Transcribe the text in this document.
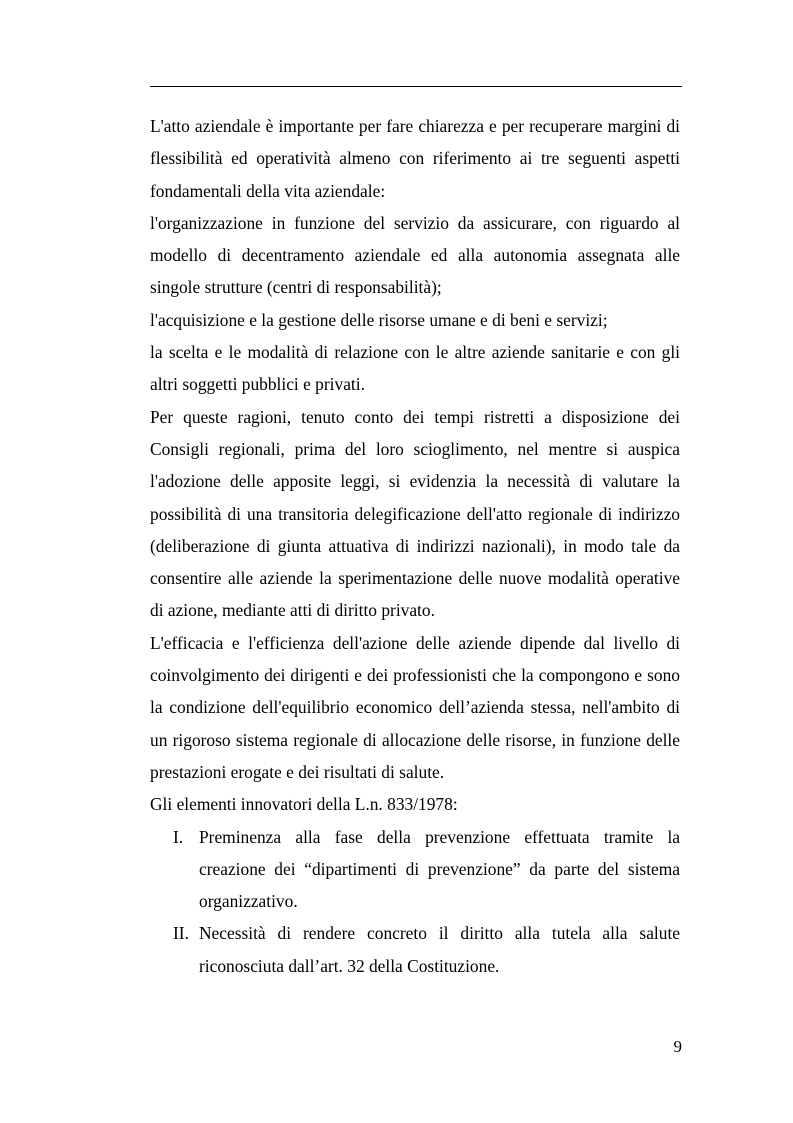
L'atto aziendale è importante per fare chiarezza e per recuperare margini di flessibilità ed operatività almeno con riferimento ai tre seguenti aspetti fondamentali della vita aziendale:

l'organizzazione in funzione del servizio da assicurare, con riguardo al modello di decentramento aziendale ed alla autonomia assegnata alle singole strutture (centri di responsabilità);

l'acquisizione e la gestione delle risorse umane e di beni e servizi;

la scelta e le modalità di relazione con le altre aziende sanitarie e con gli altri soggetti pubblici e privati.

Per queste ragioni, tenuto conto dei tempi ristretti a disposizione dei Consigli regionali, prima del loro scioglimento, nel mentre si auspica l'adozione delle apposite leggi, si evidenzia la necessità di valutare la possibilità di una transitoria delegificazione dell'atto regionale di indirizzo (deliberazione di giunta attuativa di indirizzi nazionali), in modo tale da consentire alle aziende la sperimentazione delle nuove modalità operative di azione, mediante atti di diritto privato.

L'efficacia e l'efficienza dell'azione delle aziende dipende dal livello di coinvolgimento dei dirigenti e dei professionisti che la compongono e sono la condizione dell'equilibrio economico dell’azienda stessa, nell'ambito di un rigoroso sistema regionale di allocazione delle risorse, in funzione delle prestazioni erogate e dei risultati di salute.

Gli elementi innovatori della L.n. 833/1978:

I. Preminenza alla fase della prevenzione effettuata tramite la creazione dei “dipartimenti di prevenzione” da parte del sistema organizzativo.
II. Necessità di rendere concreto il diritto alla tutela alla salute riconosciuta dall’art. 32 della Costituzione.
9
